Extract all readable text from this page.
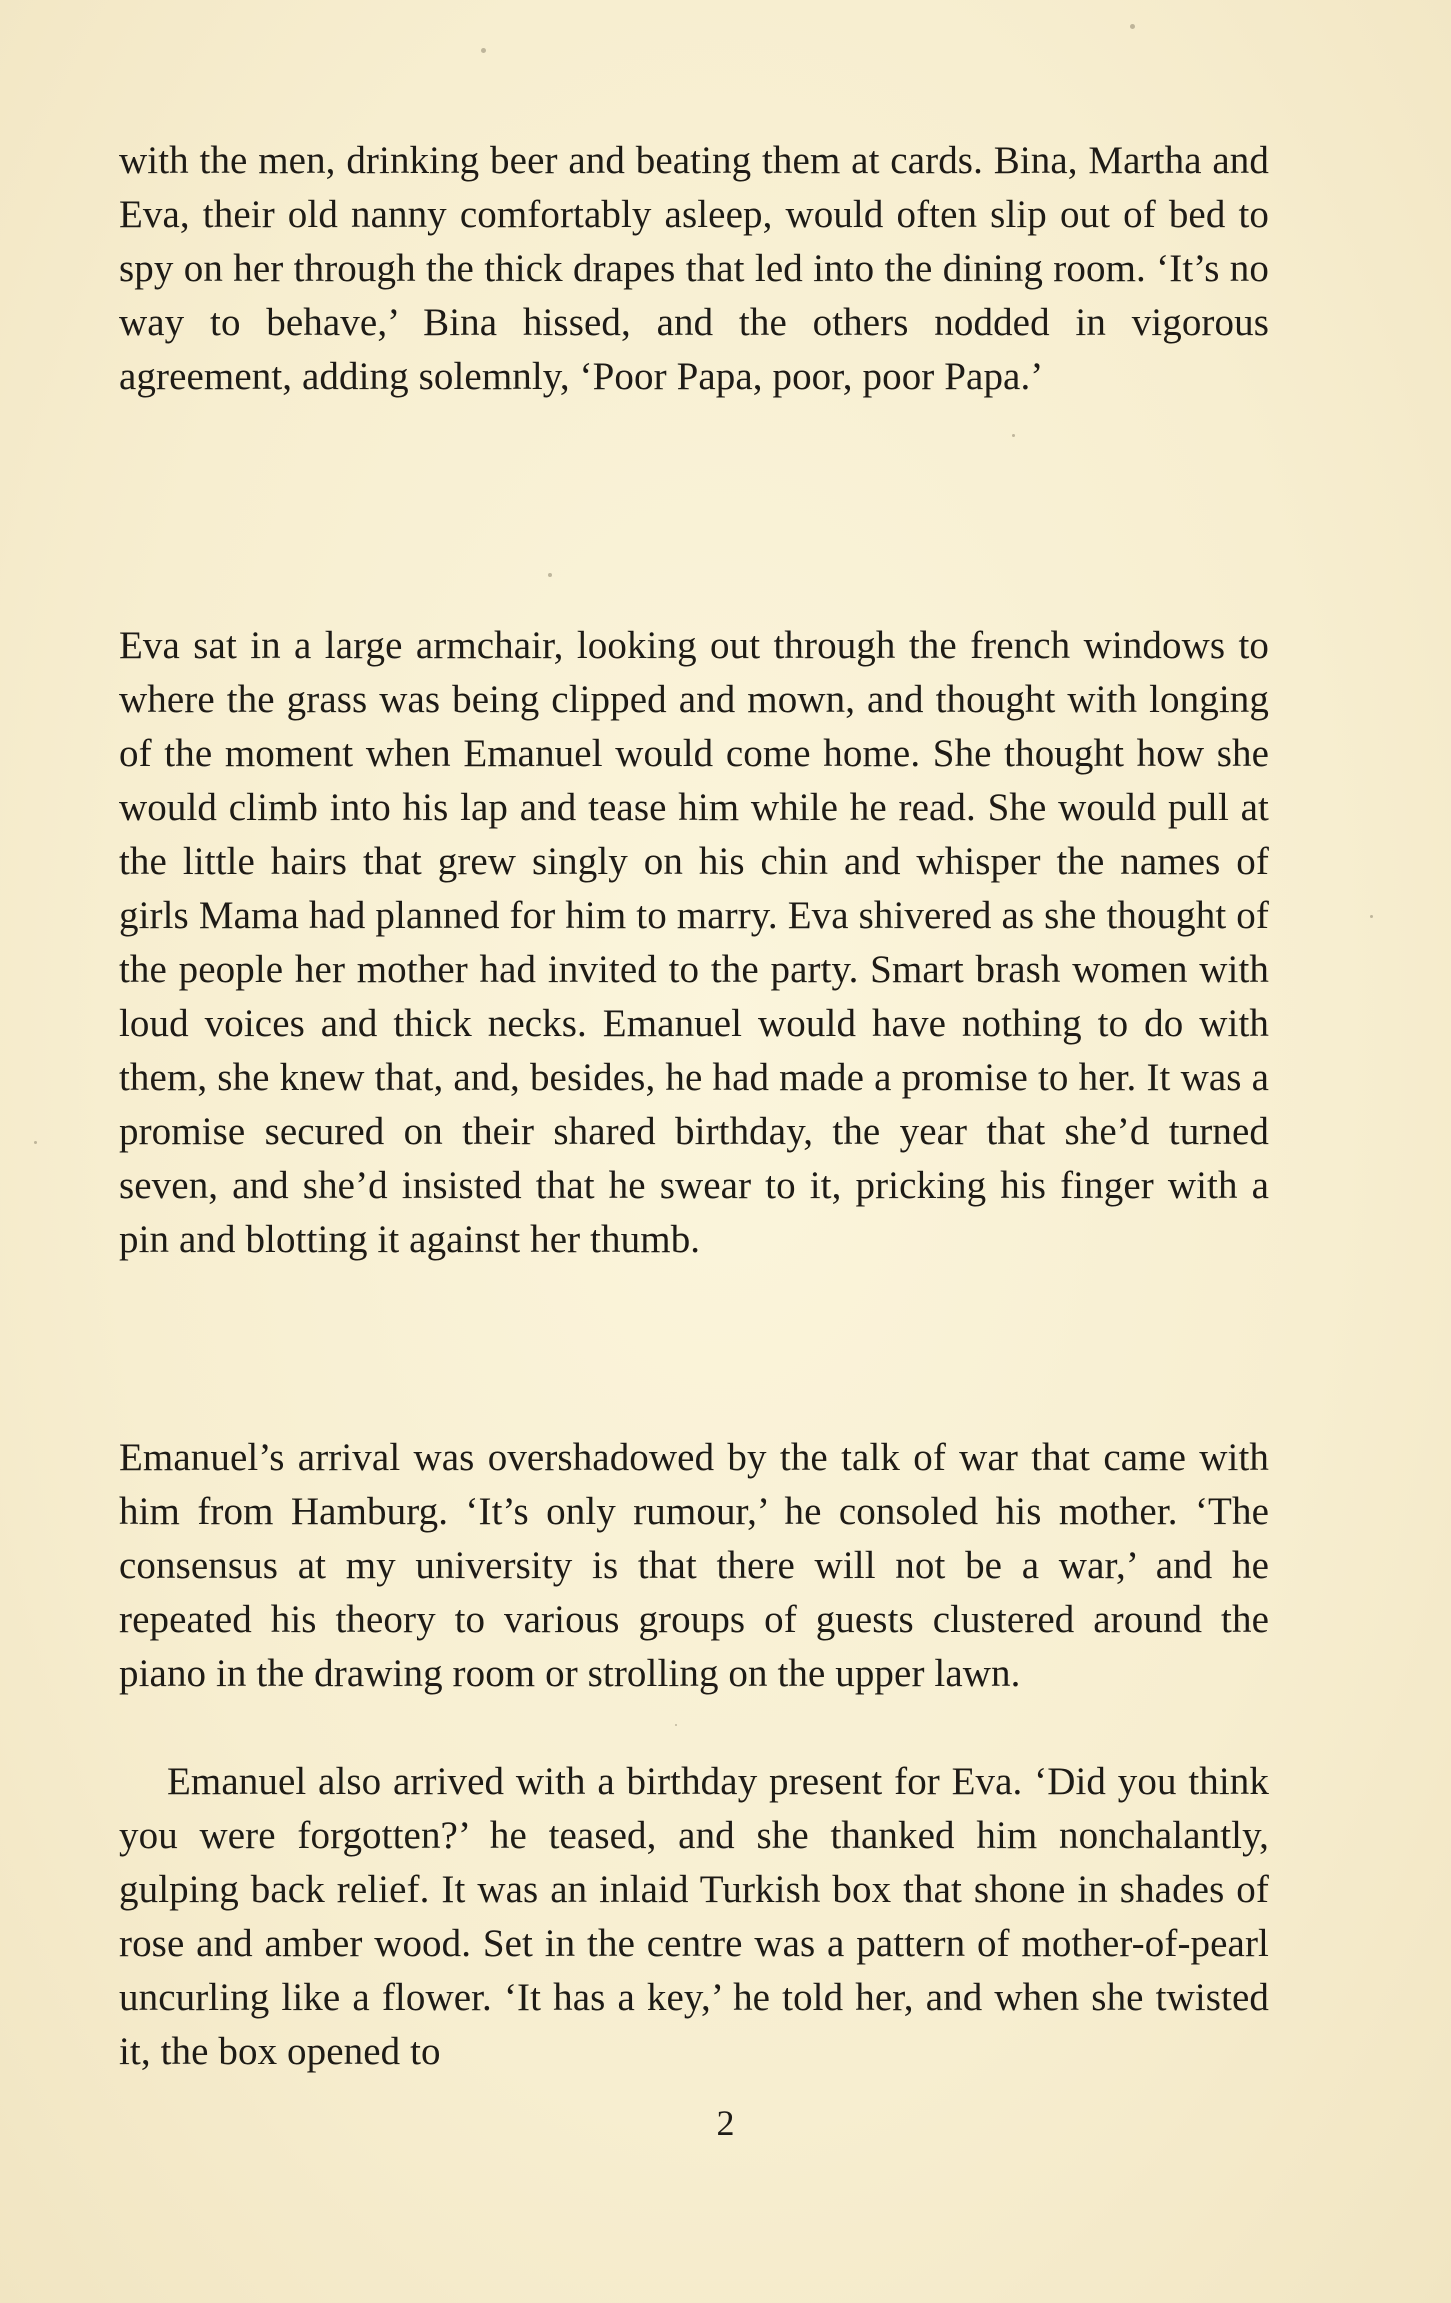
with the men, drinking beer and beating them at cards. Bina, Martha and Eva, their old nanny comfortably asleep, would often slip out of bed to spy on her through the thick drapes that led into the dining room. ‘It’s no way to behave,’ Bina hissed, and the others nodded in vigorous agreement, adding solemnly, ‘Poor Papa, poor, poor Papa.’

Eva sat in a large armchair, looking out through the french windows to where the grass was being clipped and mown, and thought with longing of the moment when Emanuel would come home. She thought how she would climb into his lap and tease him while he read. She would pull at the little hairs that grew singly on his chin and whisper the names of girls Mama had planned for him to marry. Eva shivered as she thought of the people her mother had invited to the party. Smart brash women with loud voices and thick necks. Emanuel would have nothing to do with them, she knew that, and, besides, he had made a promise to her. It was a promise secured on their shared birthday, the year that she’d turned seven, and she’d insisted that he swear to it, pricking his finger with a pin and blotting it against her thumb.

Emanuel’s arrival was overshadowed by the talk of war that came with him from Hamburg. ‘It’s only rumour,’ he consoled his mother. ‘The consensus at my university is that there will not be a war,’ and he repeated his theory to various groups of guests clustered around the piano in the drawing room or strolling on the upper lawn.

Emanuel also arrived with a birthday present for Eva. ‘Did you think you were forgotten?’ he teased, and she thanked him nonchalantly, gulping back relief. It was an inlaid Turkish box that shone in shades of rose and amber wood. Set in the centre was a pattern of mother-of-pearl uncurling like a flower. ‘It has a key,’ he told her, and when she twisted it, the box opened to

2
